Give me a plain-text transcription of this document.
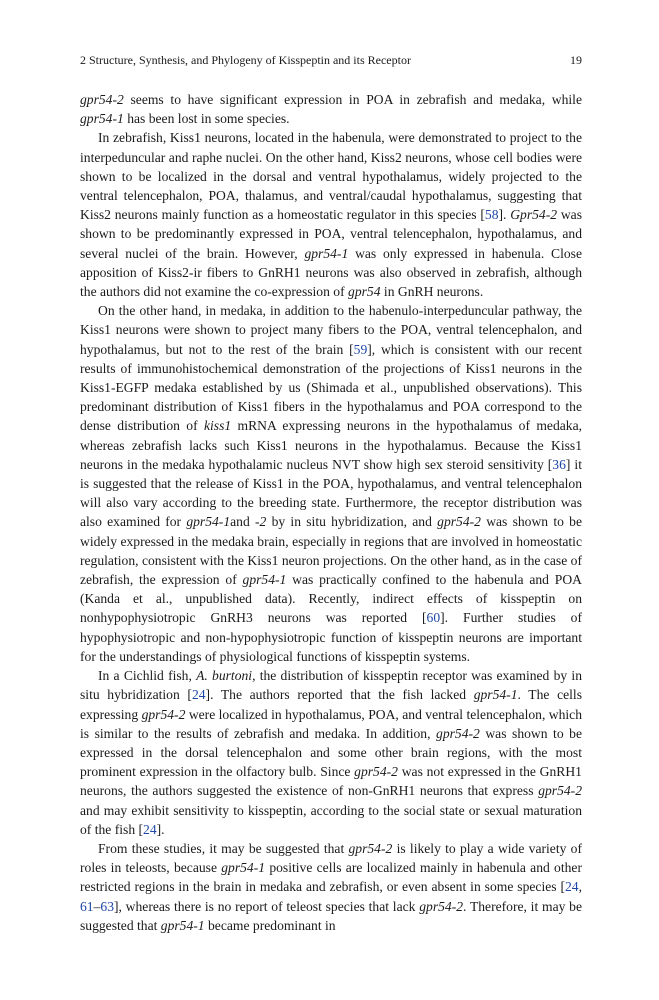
2 Structure, Synthesis, and Phylogeny of Kisspeptin and its Receptor	19

gpr54-2 seems to have significant expression in POA in zebrafish and medaka, while gpr54-1 has been lost in some species.

In zebrafish, Kiss1 neurons, located in the habenula, were demonstrated to project to the interpeduncular and raphe nuclei. On the other hand, Kiss2 neurons, whose cell bodies were shown to be localized in the dorsal and ventral hypothalamus, widely projected to the ventral telencephalon, POA, thalamus, and ventral/caudal hypothalamus, suggesting that Kiss2 neurons mainly function as a homeostatic regulator in this species [58]. Gpr54-2 was shown to be predominantly expressed in POA, ventral telencephalon, hypothalamus, and several nuclei of the brain. However, gpr54-1 was only expressed in habenula. Close apposition of Kiss2-ir fibers to GnRH1 neurons was also observed in zebrafish, although the authors did not examine the co-expression of gpr54 in GnRH neurons.

On the other hand, in medaka, in addition to the habenulo-interpeduncular pathway, the Kiss1 neurons were shown to project many fibers to the POA, ventral telencephalon, and hypothalamus, but not to the rest of the brain [59], which is consistent with our recent results of immunohistochemical demonstration of the projections of Kiss1 neurons in the Kiss1-EGFP medaka established by us (Shimada et al., unpublished observations). This predominant distribution of Kiss1 fibers in the hypothalamus and POA correspond to the dense distribution of kiss1 mRNA expressing neurons in the hypothalamus of medaka, whereas zebrafish lacks such Kiss1 neurons in the hypothalamus. Because the Kiss1 neurons in the medaka hypothalamic nucleus NVT show high sex steroid sensitivity [36] it is suggested that the release of Kiss1 in the POA, hypothalamus, and ventral telencephalon will also vary according to the breeding state. Furthermore, the receptor distribution was also examined for gpr54-1and -2 by in situ hybridization, and gpr54-2 was shown to be widely expressed in the medaka brain, especially in regions that are involved in homeostatic regulation, consistent with the Kiss1 neuron projections. On the other hand, as in the case of zebrafish, the expression of gpr54-1 was practically confined to the habenula and POA (Kanda et al., unpublished data). Recently, indirect effects of kisspeptin on nonhypophysiotropic GnRH3 neurons was reported [60]. Further studies of hypophysiotropic and non-hypophysiotropic function of kisspeptin neurons are important for the understandings of physiological functions of kisspeptin systems.

In a Cichlid fish, A. burtoni, the distribution of kisspeptin receptor was examined by in situ hybridization [24]. The authors reported that the fish lacked gpr54-1. The cells expressing gpr54-2 were localized in hypothalamus, POA, and ventral telencephalon, which is similar to the results of zebrafish and medaka. In addition, gpr54-2 was shown to be expressed in the dorsal telencephalon and some other brain regions, with the most prominent expression in the olfactory bulb. Since gpr54-2 was not expressed in the GnRH1 neurons, the authors suggested the existence of non-GnRH1 neurons that express gpr54-2 and may exhibit sensitivity to kisspeptin, according to the social state or sexual maturation of the fish [24].

From these studies, it may be suggested that gpr54-2 is likely to play a wide variety of roles in teleosts, because gpr54-1 positive cells are localized mainly in habenula and other restricted regions in the brain in medaka and zebrafish, or even absent in some species [24, 61–63], whereas there is no report of teleost species that lack gpr54-2. Therefore, it may be suggested that gpr54-1 became predominant in
